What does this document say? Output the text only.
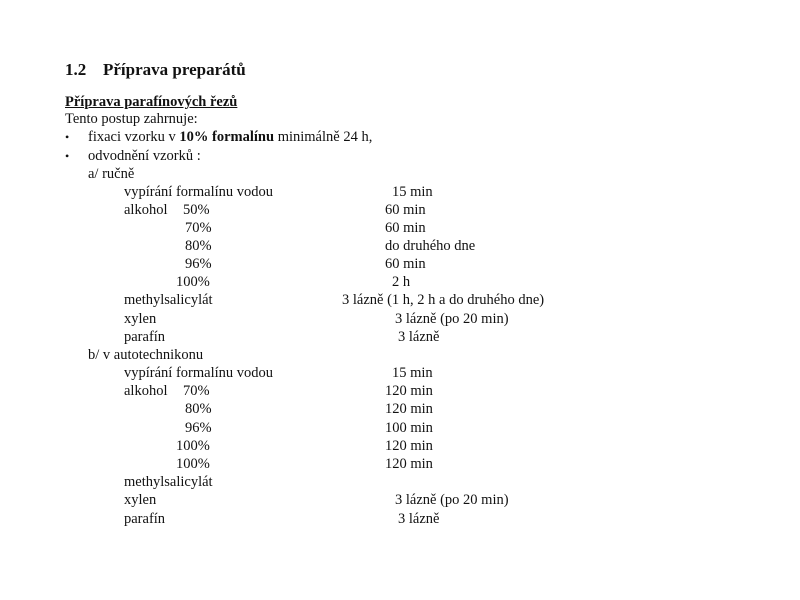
1.2 Příprava preparátů
Příprava parafínových řezů
Tento postup zahrnuje:
• fixaci vzorku v 10% formalínu minimálně 24 h,
• odvodnění vzorků :
a/ ručně
vypírání formalínu vodou	15 min
alkohol 50%	60 min
70%	60 min
80%	do druhého dne
96%	60 min
100%	2 h
methylsalicylát	3 lázně (1 h, 2 h a do druhého dne)
xylen	3 lázně (po 20 min)
parafín	3 lázně
b/ v autotechnikonu
vypírání formalínu vodou	15 min
alkohol 70%	120 min
80%	120 min
96%	100 min
100%	120 min
100%	120 min
methylsalicylát
xylen	3 lázně (po 20 min)
parafín	3 lázně
